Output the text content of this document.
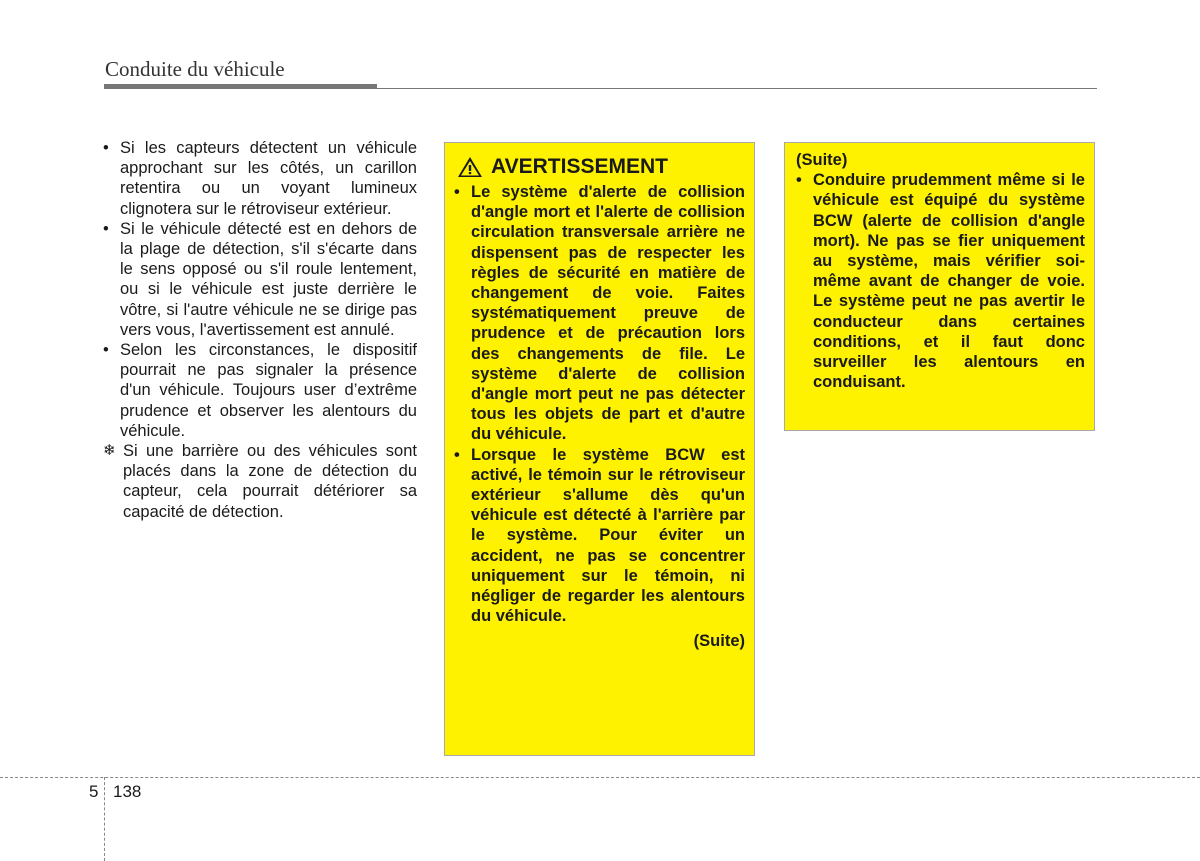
Conduite du véhicule
• Si les capteurs détectent un véhicule approchant sur les côtés, un carillon retentira ou un voyant lumineux clignotera sur le rétroviseur extérieur.
• Si le véhicule détecté est en dehors de la plage de détection, s'il s'écarte dans le sens opposé ou s'il roule lentement, ou si le véhicule est juste derrière le vôtre, si l'autre véhicule ne se dirige pas vers vous, l'avertissement est annulé.
• Selon les circonstances, le dispositif pourrait ne pas signaler la présence d'un véhicule. Toujours user d’extrême prudence et observer les alentours du véhicule.
❄ Si une barrière ou des véhicules sont placés dans la zone de détection du capteur, cela pourrait détériorer sa capacité de détection.
AVERTISSEMENT
• Le système d'alerte de collision d'angle mort et l'alerte de collision circulation transversale arrière ne dispensent pas de respecter les règles de sécurité en matière de changement de voie. Faites systématiquement preuve de prudence et de précaution lors des changements de file. Le système d'alerte de collision d'angle mort peut ne pas détecter tous les objets de part et d'autre du véhicule.
• Lorsque le système BCW est activé, le témoin sur le rétroviseur extérieur s'allume dès qu'un véhicule est détecté à l'arrière par le système. Pour éviter un accident, ne pas se concentrer uniquement sur le témoin, ni négliger de regarder les alentours du véhicule.
(Suite)
(Suite)
• Conduire prudemment même si le véhicule est équipé du système BCW (alerte de collision d'angle mort). Ne pas se fier uniquement au système, mais vérifier soi-même avant de changer de voie. Le système peut ne pas avertir le conducteur dans certaines conditions, et il faut donc surveiller les alentours en conduisant.
5 138
